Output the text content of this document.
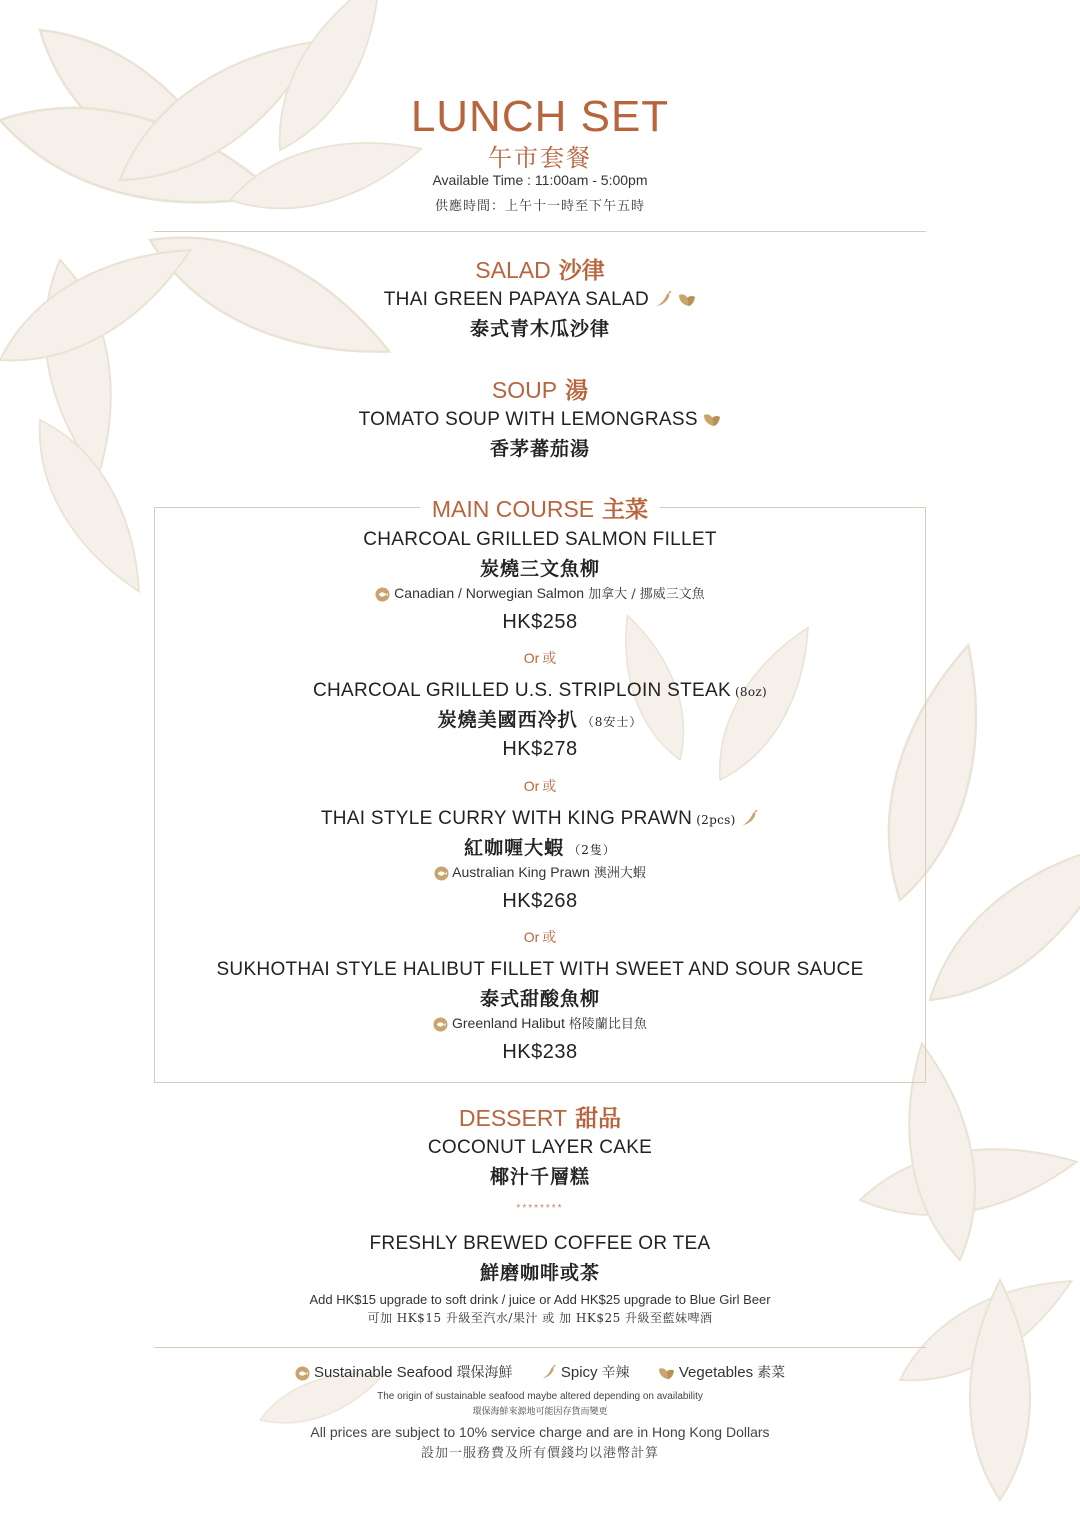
LUNCH SET
午市套餐
Available Time : 11:00am - 5:00pm
供應時間：上午十一時至下午五時
SALAD 沙律
THAI GREEN PAPAYA SALAD
泰式青木瓜沙律
SOUP 湯
TOMATO SOUP WITH LEMONGRASS
香茅蕃茄湯
MAIN COURSE 主菜
CHARCOAL GRILLED SALMON FILLET
炭燒三文魚柳
Canadian / Norwegian Salmon 加拿大 / 挪威三文魚
HK$258
Or 或
CHARCOAL GRILLED U.S. STRIPLOIN STEAK (8oz)
炭燒美國西冷扒 （8安士）
HK$278
Or 或
THAI STYLE CURRY WITH KING PRAWN (2pcs)
紅咖喱大蝦 （2隻）
Australian King Prawn 澳洲大蝦
HK$268
Or 或
SUKHOTHAI STYLE HALIBUT FILLET WITH SWEET AND SOUR SAUCE
泰式甜酸魚柳
Greenland Halibut 格陵蘭比目魚
HK$238
DESSERT 甜品
COCONUT LAYER CAKE
椰汁千層糕
********
FRESHLY BREWED COFFEE OR TEA
鮮磨咖啡或茶
Add HK$15 upgrade to soft drink / juice or Add HK$25 upgrade to Blue Girl Beer
可加 HK$15 升級至汽水/果汁 或 加 HK$25 升級至藍妹啤酒
Sustainable Seafood 環保海鮮	Spicy 辛辣	Vegetables 素菜
The origin of sustainable seafood maybe altered depending on availability
環保海鮮來源地可能因存貨而變更
All prices are subject to 10% service charge and are in Hong Kong Dollars
設加一服務費及所有價錢均以港幣計算
